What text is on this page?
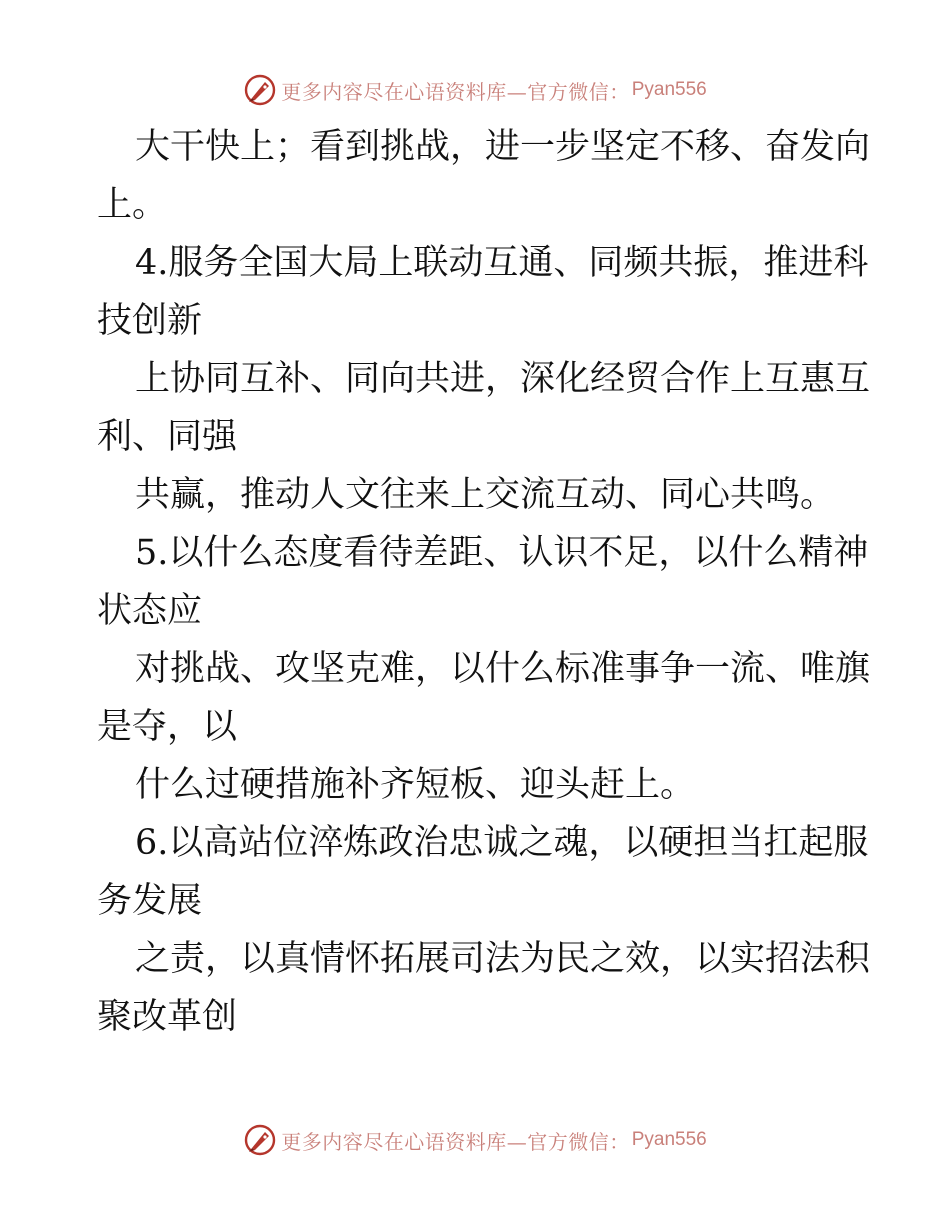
更多内容尽在心语资料库—官方微信： Pyan556
大干快上；看到挑战，进一步坚定不移、奋发向
上。
4.服务全国大局上联动互通、同频共振，推进科
技创新
上协同互补、同向共进，深化经贸合作上互惠互
利、同强
共赢，推动人文往来上交流互动、同心共鸣。
5.以什么态度看待差距、认识不足，以什么精神
状态应
对挑战、攻坚克难，以什么标准事争一流、唯旗
是夺，以
什么过硬措施补齐短板、迎头赶上。
6.以高站位淬炼政治忠诚之魂，以硬担当扛起服
务发展
之责，以真情怀拓展司法为民之效，以实招法积
聚改革创
更多内容尽在心语资料库—官方微信： Pyan556
